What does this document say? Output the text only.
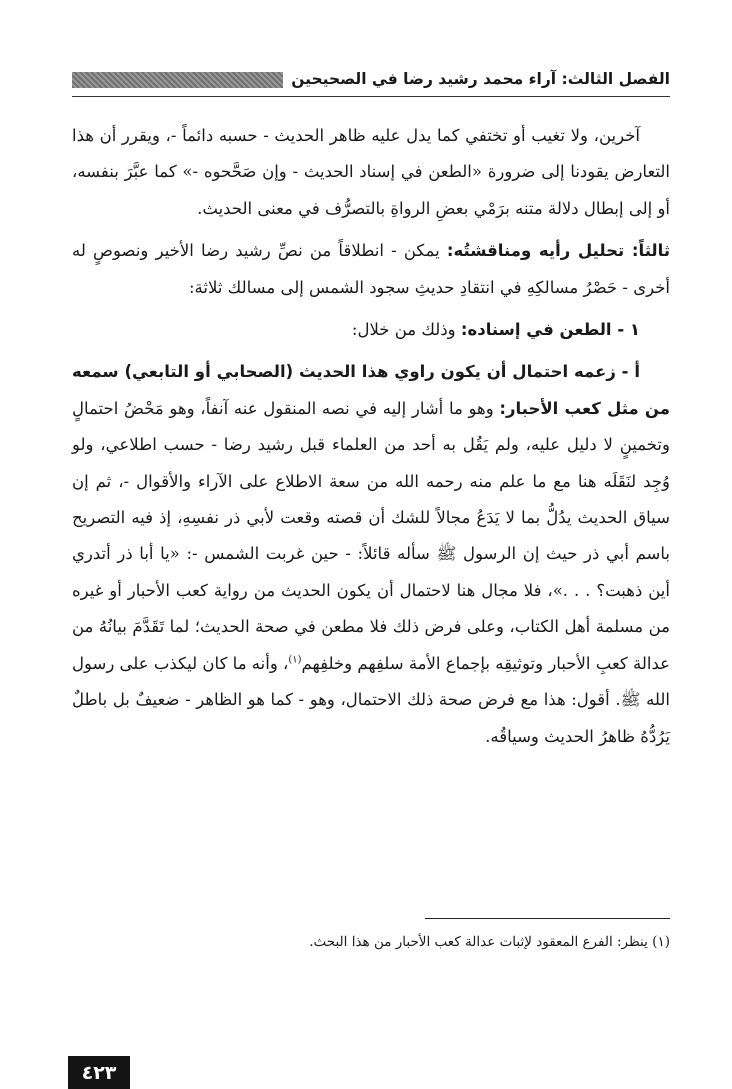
الفصل الثالث: آراء محمد رشيد رضا في الصحيحين

آخرين، ولا تغيب أو تختفي كما يدل عليه ظاهر الحديث - حسبه دائماً -، ويقرر أن هذا التعارض يقودنا إلى ضرورة «الطعن في إسناد الحديث - وإن صَحَّحوه -» كما عبَّرَ بنفسه، أو إلى إبطال دلالة متنه برَمْي بعضِ الرواةِ بالتصرُّف في معنى الحديث.

ثالثاً: تحليل رأيه ومناقشتُه: يمكن - انطلاقاً من نصِّ رشيد رضا الأخير ونصوصٍ له أخرى - حَصْرُ مسالكِهِ في انتقادِ حديثِ سجود الشمس إلى مسالك ثلاثة:

١ - الطعن في إسناده: وذلك من خلال:

أ - زعمه احتمال أن يكون راوي هذا الحديث (الصحابي أو التابعي) سمعه من مثل كعب الأحبار: وهو ما أشار إليه في نصه المنقول عنه آنفاً، وهو مَحْضُ احتمالٍ وتخمينٍ لا دليل عليه، ولم يَقُل به أحد من العلماء قبل رشيد رضا - حسب اطلاعي، ولو وُجِد لنَقَلَه هنا مع ما علم منه رحمه الله من سعة الاطلاع على الآراء والأقوال -، ثم إن سياق الحديث يدُلُّ بما لا يَدَعُ مجالاً للشك أن قصته وقعت لأبي ذر نفسِهِ، إذ فيه التصريح باسم أبي ذر حيث إن الرسول ﷺ سأله قائلاً: - حين غربت الشمس -: «يا أبا ذر أتدري أين ذهبت؟ . . .»، فلا مجال هنا لاحتمال أن يكون الحديث من رواية كعب الأحبار أو غيره من مسلمة أهل الكتاب، وعلى فرض ذلك فلا مطعن في صحة الحديث؛ لما تَقَدَّمَ بيانُهُ من عدالة كعبِ الأحبار وتوثيقِه بإجماع الأمة سلفِهم وخلفِهم$^{(١)}$، وأنه ما كان ليكذب على رسول الله ﷺ. أقول: هذا مع فرض صحة ذلك الاحتمال، وهو - كما هو الظاهر - ضعيفٌ بل باطلٌ يَرُدُّهُ ظاهرُ الحديث وسياقُه.

(١) ينظر: الفرع المعقود لإثبات عدالة كعب الأحبار من هذا البحث.
٤٢٣
